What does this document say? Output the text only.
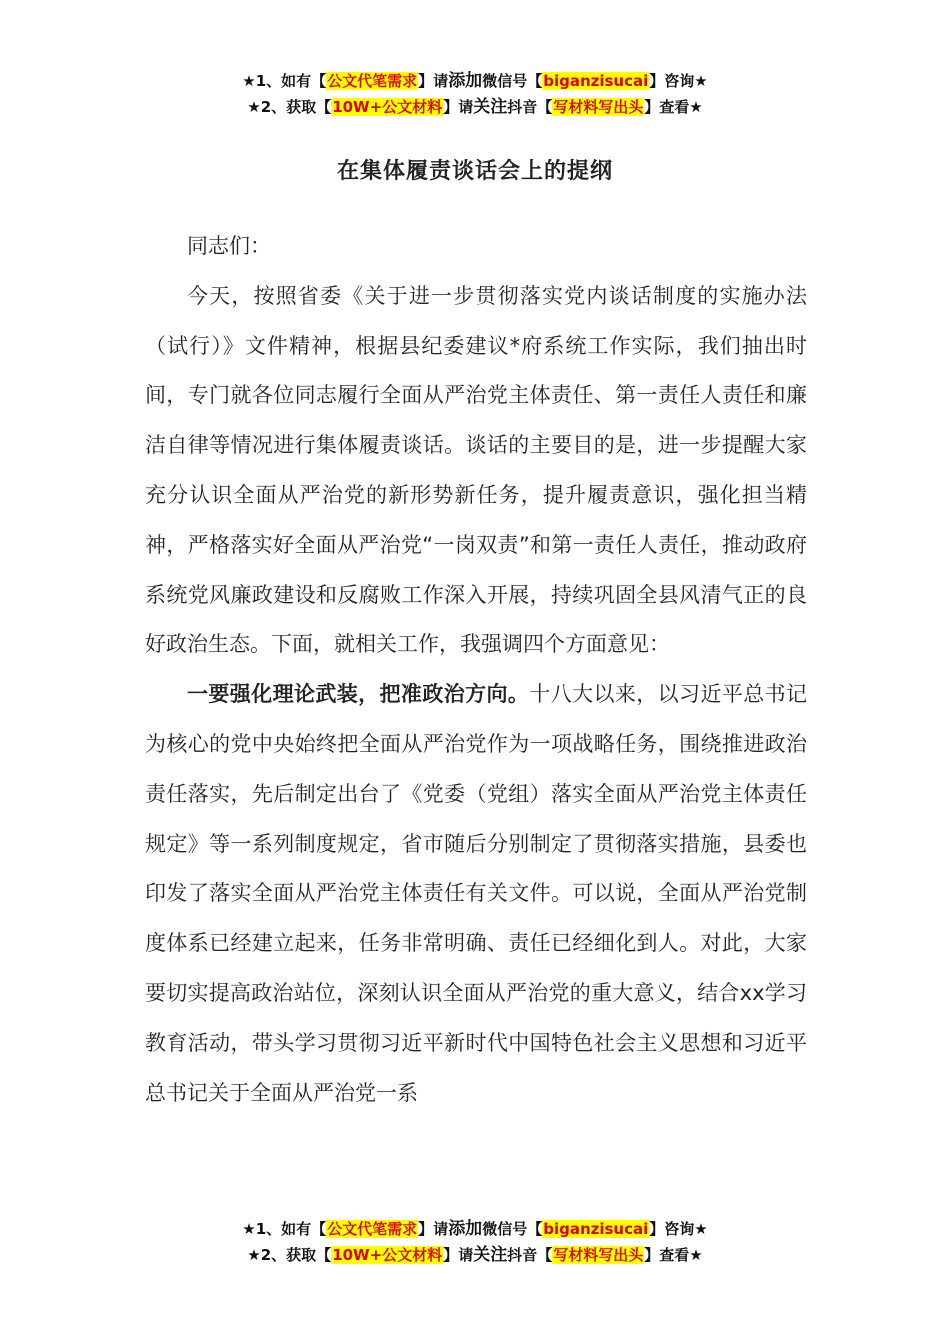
★1、如有【公文代笔需求】请添加微信号【biganzisucai】咨询★
★2、获取【10W+公文材料】请关注抖音【写材料写出头】查看★
在集体履责谈话会上的提纲

同志们：

今天，按照省委《关于进一步贯彻落实党内谈话制度的实施办法（试行）》文件精神，根据县纪委建议*府系统工作实际，我们抽出时间，专门就各位同志履行全面从严治党主体责任、第一责任人责任和廉洁自律等情况进行集体履责谈话。谈话的主要目的是，进一步提醒大家充分认识全面从严治党的新形势新任务，提升履责意识，强化担当精神，严格落实好全面从严治党“一岗双责”和第一责任人责任，推动政府系统党风廉政建设和反腐败工作深入开展，持续巩固全县风清气正的良好政治生态。下面，就相关工作，我强调四个方面意见：

一要强化理论武装，把准政治方向。十八大以来，以习近平总书记为核心的党中央始终把全面从严治党作为一项战略任务，围绕推进政治责任落实，先后制定出台了《党委（党组）落实全面从严治党主体责任规定》等一系列制度规定，省市随后分别制定了贯彻落实措施，县委也印发了落实全面从严治党主体责任有关文件。可以说，全面从严治党制度体系已经建立起来，任务非常明确、责任已经细化到人。对此，大家要切实提高政治站位，深刻认识全面从严治党的重大意义，结合xx学习教育活动，带头学习贯彻习近平新时代中国特色社会主义思想和习近平总书记关于全面从严治党一系

★1、如有【公文代笔需求】请添加微信号【biganzisucai】咨询★
★2、获取【10W+公文材料】请关注抖音【写材料写出头】查看★
